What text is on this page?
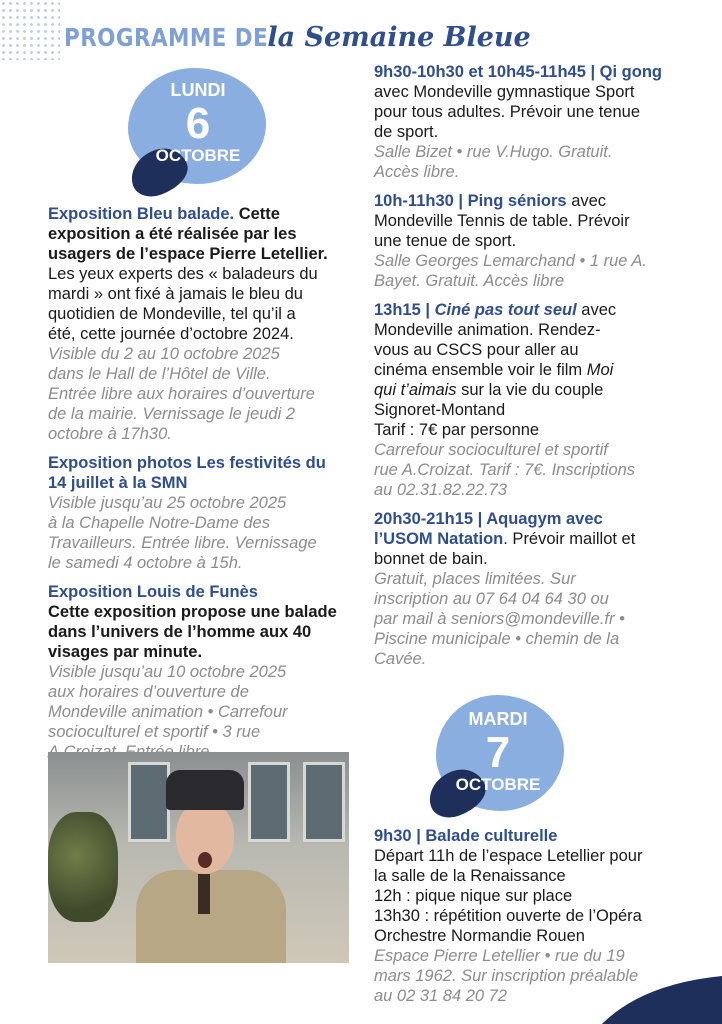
PROGRAMME DE la Semaine Bleue
LUNDI
6
OCTOBRE
MARDI
7
OCTOBRE
Exposition Bleu balade. Cette
exposition a été réalisée par les
usagers de l’espace Pierre Letellier.
Les yeux experts des « baladeurs du
mardi » ont fixé à jamais le bleu du
quotidien de Mondeville, tel qu’il a
été, cette journée d’octobre 2024.
Visible du 2 au 10 octobre 2025
dans le Hall de l’Hôtel de Ville.
Entrée libre aux horaires d’ouverture
de la mairie. Vernissage le jeudi 2
octobre à 17h30.
Exposition photos Les festivités du
14 juillet à la SMN
Visible jusqu’au 25 octobre 2025
à la Chapelle Notre-Dame des
Travailleurs. Entrée libre. Vernissage
le samedi 4 octobre à 15h.
Exposition Louis de Funès
Cette exposition propose une balade
dans l’univers de l’homme aux 40
visages par minute.
Visible jusqu’au 10 octobre 2025
aux horaires d’ouverture de
Mondeville animation • Carrefour
socioculturel et sportif • 3 rue
9h30-10h30 et 10h45-11h45 | Qi gong
avec Mondeville gymnastique Sport
pour tous adultes. Prévoir une tenue
de sport.
Salle Bizet • rue V.Hugo. Gratuit.
Accès libre.
10h-11h30 | Ping séniors avec
Mondeville Tennis de table. Prévoir
une tenue de sport.
Salle Georges Lemarchand • 1 rue A.
Bayet. Gratuit. Accès libre
13h15 | Ciné pas tout seul avec
Mondeville animation. Rendez-
vous au CSCS pour aller au
cinéma ensemble voir le film Moi
qui t’aimais sur la vie du couple
Signoret-Montand
Tarif : 7€ par personne
Carrefour socioculturel et sportif
rue A.Croizat. Tarif : 7€. Inscriptions
au 02.31.82.22.73
20h30-21h15 | Aquagym avec
l’USOM Natation. Prévoir maillot et
bonnet de bain.
Gratuit, places limitées. Sur
inscription au 07 64 04 64 30 ou
par mail à seniors@mondeville.fr •
Piscine municipale • chemin de la
Cavée.
9h30 | Balade culturelle
Départ 11h de l’espace Letellier pour
la salle de la Renaissance
12h : pique nique sur place
13h30 : répétition ouverte de l’Opéra
Orchestre Normandie Rouen
Espace Pierre Letellier • rue du 19
mars 1962. Sur inscription préalable
au 02 31 84 20 72
